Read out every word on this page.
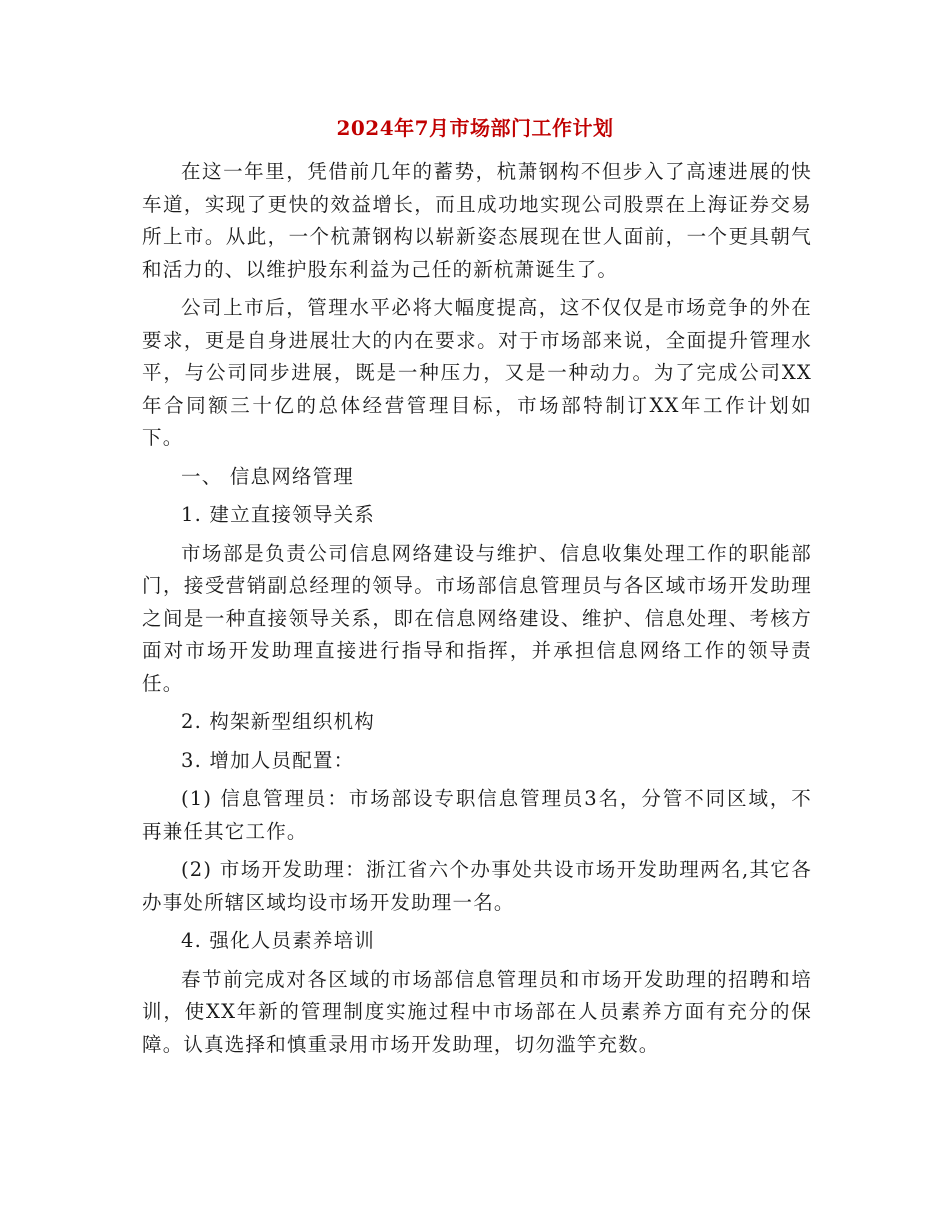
2024年7月市场部门工作计划

在这一年里，凭借前几年的蓄势，杭萧钢构不但步入了高速进展的快车道，实现了更快的效益增长，而且成功地实现公司股票在上海证券交易所上市。从此，一个杭萧钢构以崭新姿态展现在世人面前，一个更具朝气和活力的、以维护股东利益为己任的新杭萧诞生了。

公司上市后，管理水平必将大幅度提高，这不仅仅是市场竞争的外在要求，更是自身进展壮大的内在要求。对于市场部来说，全面提升管理水平，与公司同步进展，既是一种压力，又是一种动力。为了完成公司XX年合同额三十亿的总体经营管理目标，市场部特制订XX年工作计划如下。

一、 信息网络管理

1. 建立直接领导关系

市场部是负责公司信息网络建设与维护、信息收集处理工作的职能部门，接受营销副总经理的领导。市场部信息管理员与各区域市场开发助理之间是一种直接领导关系，即在信息网络建设、维护、信息处理、考核方面对市场开发助理直接进行指导和指挥，并承担信息网络工作的领导责任。

2. 构架新型组织机构

3. 增加人员配置：

(1) 信息管理员：市场部设专职信息管理员3名，分管不同区域，不再兼任其它工作。

(2) 市场开发助理：浙江省六个办事处共设市场开发助理两名,其它各办事处所辖区域均设市场开发助理一名。

4. 强化人员素养培训

春节前完成对各区域的市场部信息管理员和市场开发助理的招聘和培训，使XX年新的管理制度实施过程中市场部在人员素养方面有充分的保障。认真选择和慎重录用市场开发助理，切勿滥竽充数。
